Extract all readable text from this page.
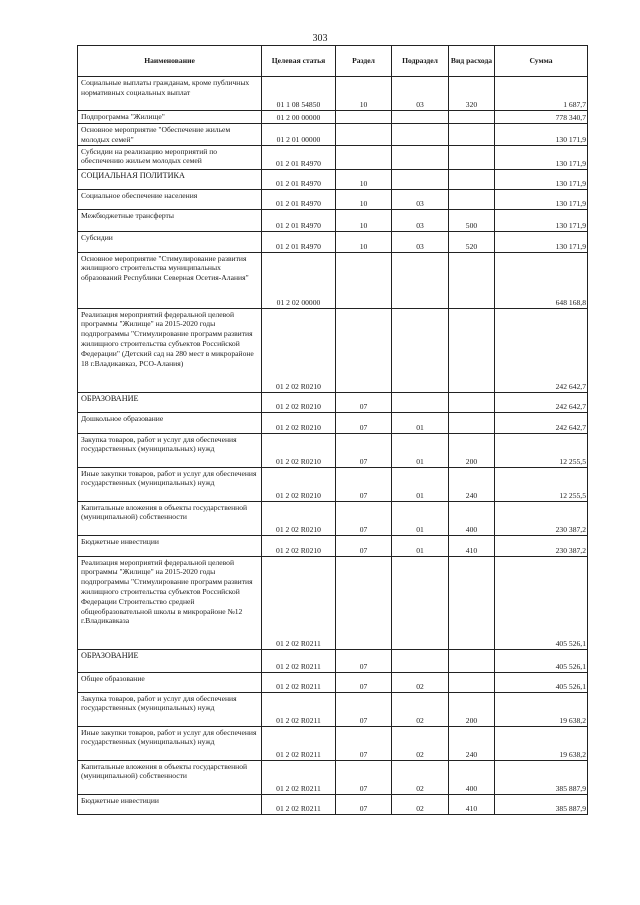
303
Наименование	Целевая статья	Раздел	Подраздел	Вид расхода	Сумма

Социальные выплаты гражданам, кроме публичных нормативных социальных выплат	01 1 08 54850	10	03	320	1 687,7

Подпрограмма "Жилище"	01 2 00 00000				778 340,7

Основное мероприятие "Обеспечение жильем молодых семей"	01 2 01 00000				130 171,9

Субсидии на реализацию мероприятий по обеспечению жильем молодых семей	01 2 01 R4970				130 171,9

СОЦИАЛЬНАЯ ПОЛИТИКА	01 2 01 R4970	10			130 171,9

Социальное обеспечение населения	01 2 01 R4970	10	03		130 171,9

Межбюджетные трансферты	01 2 01 R4970	10	03	500	130 171,9

Субсидии	01 2 01 R4970	10	03	520	130 171,9

Основное мероприятие "Стимулирование развития жилищного строительства муниципальных образований Республики Северная Осетия-Алания"	01 2 02 00000				648 168,8

Реализация мероприятий федеральной целевой программы "Жилище" на 2015-2020 годы подпрограммы "Стимулирование программ развития жилищного строительства субъектов Российской Федерации" (Детский сад на 280 мест в микрорайоне 18 г.Владикавказ, РСО-Алания)	01 2 02 R0210				242 642,7

ОБРАЗОВАНИЕ	01 2 02 R0210	07			242 642,7

Дошкольное образование	01 2 02 R0210	07	01		242 642,7

Закупка товаров, работ и услуг для обеспечения государственных (муниципальных) нужд	01 2 02 R0210	07	01	200	12 255,5

Иные закупки товаров, работ и услуг для обеспечения государственных (муниципальных) нужд	01 2 02 R0210	07	01	240	12 255,5

Капитальные вложения в объекты государственной (муниципальной) собственности	01 2 02 R0210	07	01	400	230 387,2

Бюджетные инвестиции	01 2 02 R0210	07	01	410	230 387,2

Реализация мероприятий федеральной целевой программы "Жилище" на 2015-2020 годы подпрограммы "Стимулирование программ развития жилищного строительства субъектов Российской Федерации Строительство средней общеобразовательной школы в микрорайоне №12 г.Владикавказа	01 2 02 R0211				405 526,1

ОБРАЗОВАНИЕ	01 2 02 R0211	07			405 526,1

Общее образование	01 2 02 R0211	07	02		405 526,1

Закупка товаров, работ и услуг для обеспечения государственных (муниципальных) нужд	01 2 02 R0211	07	02	200	19 638,2

Иные закупки товаров, работ и услуг для обеспечения государственных (муниципальных) нужд	01 2 02 R0211	07	02	240	19 638,2

Капитальные вложения в объекты государственной (муниципальной) собственности	01 2 02 R0211	07	02	400	385 887,9

Бюджетные инвестиции	01 2 02 R0211	07	02	410	385 887,9
